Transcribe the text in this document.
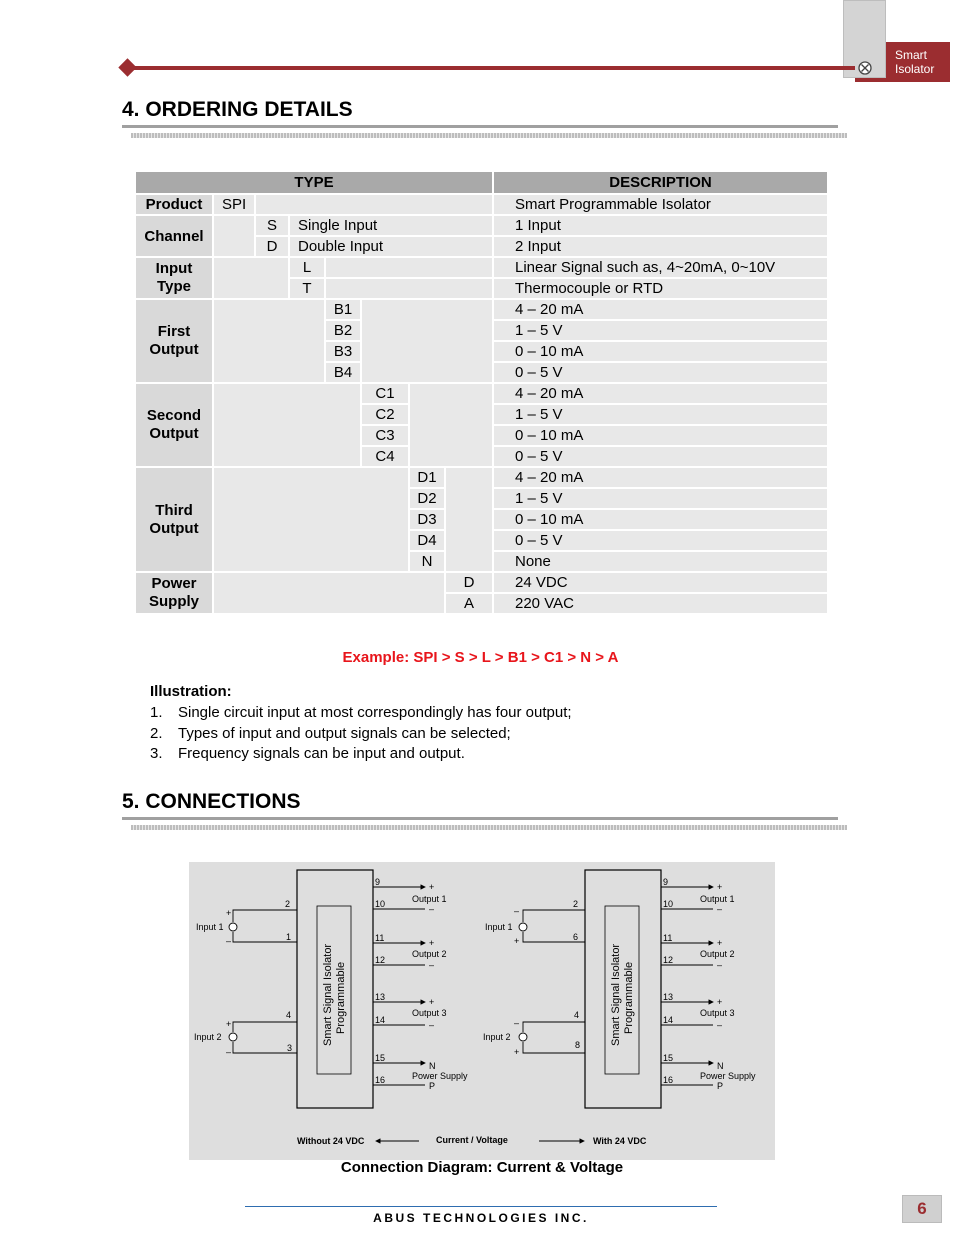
Smart
Isolator
4. ORDERING DETAILS
TYPE								DESCRIPTION
Product	SPI							Smart Programmable Isolator
Channel		S	Single Input					1 Input
		D	Double Input					2 Input

Input
Type			L					Linear Signal such as, 4~20mA, 0~10V
			T					Thermocouple or RTD

First
Output				B1				4 – 20 mA
				B2				1 – 5 V
				B3				0 – 10 mA
				B4				0 – 5 V

Second
Output					C1			4 – 20 mA
					C2			1 – 5 V
					C3			0 – 10 mA
					C4			0 – 5 V

Third
Output						D1		4 – 20 mA
						D2		1 – 5 V
						D3		0 – 10 mA
						D4		0 – 5 V
						N		None

Power
Supply							D	24 VDC
							A	220 VAC
Example: SPI > S > L > B1 > C1 > N > A
Illustration:
1. Single circuit input at most correspondingly has four output;
2. Types of input and output signals can be selected;
3. Frequency signals can be input and output.
5. CONNECTIONS
Smart Signal Isolator Programmable
Input 1
+
–
2
1
Input 2
+
–
4
3
9
10
11
12
13
14
15
16
+
Output 1
–
+
Output 2
–
+
Output 3
–
N
Power Supply
P
Smart Signal Isolator Programmable
Input 1
–
+
2
6
Input 2
–
+
4
8
9
10
11
12
13
14
15
16
+
Output 1
–
+
Output 2
–
+
Output 3
–
N
Power Supply
P
Without 24 VDC	Current / Voltage	With 24 VDC
Connection Diagram: Current & Voltage
ABUS TECHNOLOGIES INC.	6
